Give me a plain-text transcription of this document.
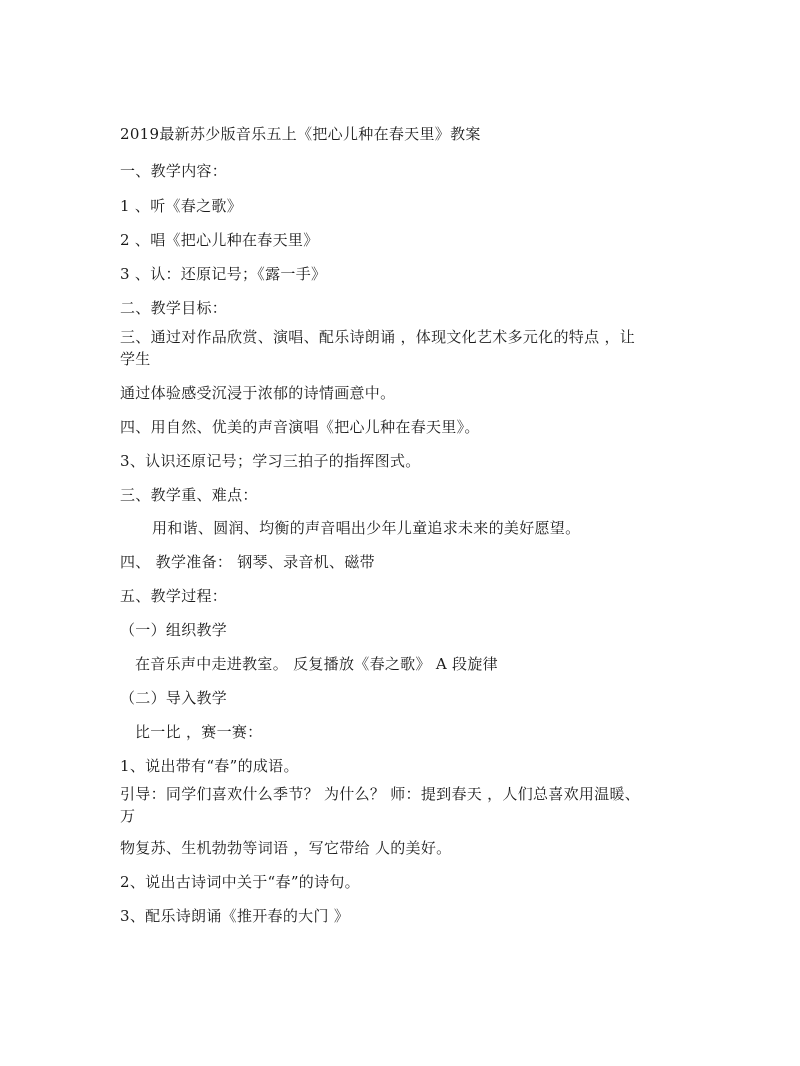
2019最新苏少版音乐五上《把心儿种在春天里》教案
一、教学内容：
1 、听《春之歌》
2 、唱《把心儿种在春天里》
3 、认：还原记号；《露一手》
二、教学目标：
三、通过对作品欣赏、演唱、配乐诗朗诵 ，体现文化艺术多元化的特点 ，让
学生
通过体验感受沉浸于浓郁的诗情画意中。
四、用自然、优美的声音演唱《把心儿种在春天里》。
3、认识还原记号；学习三拍子的指挥图式。
三、教学重、难点：
用和谐、圆润、均衡的声音唱出少年儿童追求未来的美好愿望。
四、 教学准备： 钢琴、录音机、磁带
五、教学过程：
（一）组织教学
在音乐声中走进教室。 反复播放《春之歌》 A 段旋律
（二）导入教学
比一比 ，赛一赛：
1、说出带有“春”的成语。
引导：同学们喜欢什么季节？ 为什么？ 师：提到春天 ，人们总喜欢用温暖、
万
物复苏、生机勃勃等词语 ，写它带给 人的美好。
2、说出古诗词中关于“春”的诗句。
3、配乐诗朗诵《推开春的大门 》
